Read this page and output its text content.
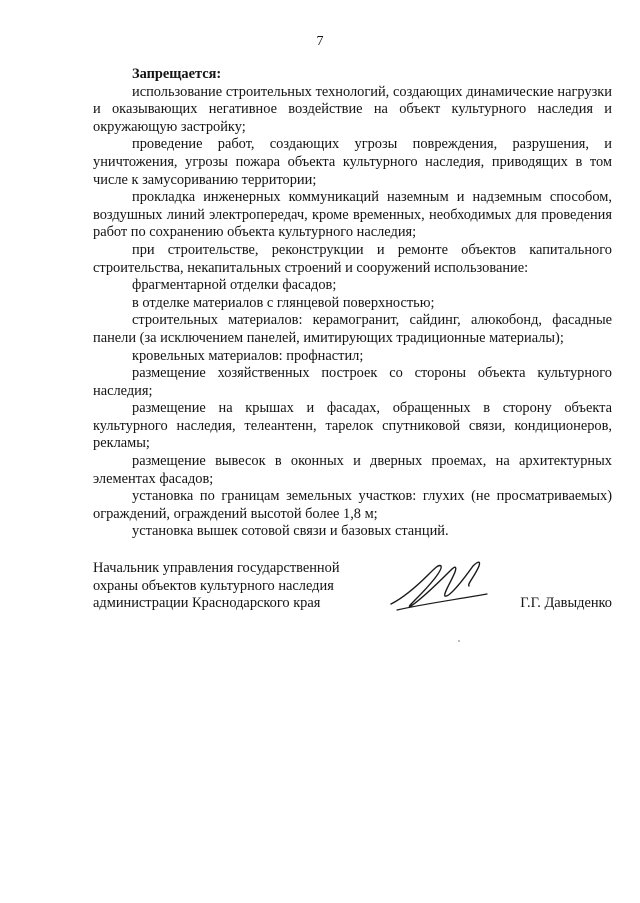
7

Запрещается:

использование строительных технологий, создающих динамические нагрузки и оказывающих негативное воздействие на объект культурного наследия и окружающую застройку;

проведение работ, создающих угрозы повреждения, разрушения, и уничтожения, угрозы пожара объекта культурного наследия, приводящих в том числе к замусориванию территории;

прокладка инженерных коммуникаций наземным и надземным способом, воздушных линий электропередач, кроме временных, необходимых для проведения работ по сохранению объекта культурного наследия;

при строительстве, реконструкции и ремонте объектов капитального строительства, некапитальных строений и сооружений использование:

фрагментарной отделки фасадов;

в отделке материалов с глянцевой поверхностью;

строительных материалов: керамогранит, сайдинг, алюкобонд, фасадные панели (за исключением панелей, имитирующих традиционные материалы);

кровельных материалов: профнастил;

размещение хозяйственных построек со стороны объекта культурного наследия;

размещение на крышах и фасадах, обращенных в сторону объекта культурного наследия, телеантенн, тарелок спутниковой связи, кондиционеров, рекламы;

размещение вывесок в оконных и дверных проемах, на архитектурных элементах фасадов;

установка по границам земельных участков: глухих (не просматриваемых) ограждений, ограждений высотой более 1,8 м;

установка вышек сотовой связи и базовых станций.

Начальник управления государственной
охраны объектов культурного наследия
администрации Краснодарского края	Г.Г. Давыденко
